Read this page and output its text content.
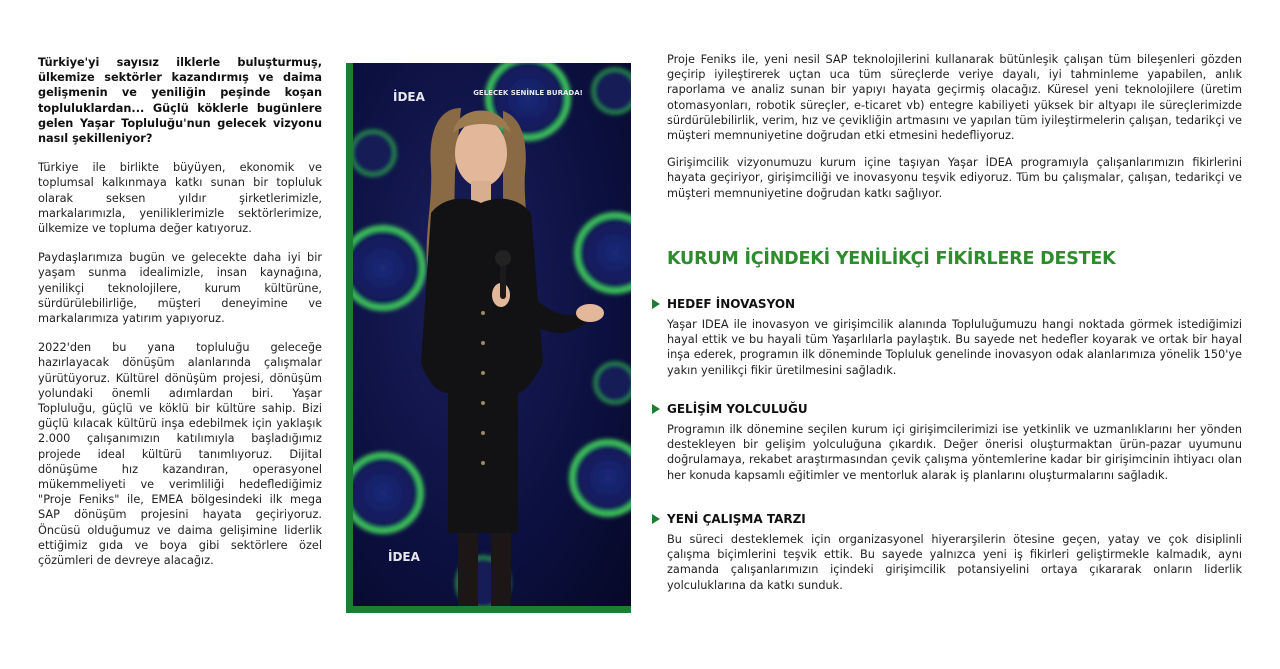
Türkiye'yi sayısız ilklerle buluşturmuş, ülkemize sektörler kazandırmış ve daima gelişmenin ve yeniliğin peşinde koşan topluluklardan... Güçlü köklerle bugünlere gelen Yaşar Topluluğu'nun gelecek vizyonu nasıl şekilleniyor?

Türkiye ile birlikte büyüyen, ekonomik ve toplumsal kalkınmaya katkı sunan bir topluluk olarak seksen yıldır şirketlerimizle, markalarımızla, yeniliklerimizle sektörlerimize, ülkemize ve topluma değer katıyoruz.

Paydaşlarımıza bugün ve gelecekte daha iyi bir yaşam sunma idealimizle, insan kaynağına, yenilikçi teknolojilere, kurum kültürüne, sürdürülebilirliğe, müşteri deneyimine ve markalarımıza yatırım yapıyoruz.

2022'den bu yana topluluğu geleceğe hazırlayacak dönüşüm alanlarında çalışmalar yürütüyoruz. Kültürel dönüşüm projesi, dönüşüm yolundaki önemli adımlardan biri. Yaşar Topluluğu, güçlü ve köklü bir kültüre sahip. Bizi güçlü kılacak kültürü inşa edebilmek için yaklaşık 2.000 çalışanımızın katılımıyla başladığımız projede ideal kültürü tanımlıyoruz. Dijital dönüşüme hız kazandıran, operasyonel mükemmeliyeti ve verimliliği hedeflediğimiz "Proje Feniks" ile, EMEA bölgesindeki ilk mega SAP dönüşüm projesini hayata geçiriyoruz. Öncüsü olduğumuz ve daima gelişimine liderlik ettiğimiz gıda ve boya gibi sektörlere özel çözümleri de devreye alacağız.

GELECEK SENİNLE BURADA!
İDEA
İDEA

Proje Feniks ile, yeni nesil SAP teknolojilerini kullanarak bütünleşik çalışan tüm bileşenleri gözden geçirip iyileştirerek uçtan uca tüm süreçlerde veriye dayalı, iyi tahminleme yapabilen, anlık raporlama ve analiz sunan bir yapıyı hayata geçirmiş olacağız. Küresel yeni teknolojilere (üretim otomasyonları, robotik süreçler, e-ticaret vb) entegre kabiliyeti yüksek bir altyapı ile süreçlerimizde sürdürülebilirlik, verim, hız ve çevikliğin artmasını ve yapılan tüm iyileştirmelerin çalışan, tedarikçi ve müşteri memnuniyetine doğrudan etki etmesini hedefliyoruz.

Girişimcilik vizyonumuzu kurum içine taşıyan Yaşar İDEA programıyla çalışanlarımızın fikirlerini hayata geçiriyor, girişimciliği ve inovasyonu teşvik ediyoruz. Tüm bu çalışmalar, çalışan, tedarikçi ve müşteri memnuniyetine doğrudan katkı sağlıyor.

KURUM İÇİNDEKİ YENİLİKÇİ FİKİRLERE DESTEK
HEDEF İNOVASYON
Yaşar IDEA ile inovasyon ve girişimcilik alanında Topluluğumuzu hangi noktada görmek istediğimizi hayal ettik ve bu hayali tüm Yaşarlılarla paylaştık. Bu sayede net hedefler koyarak ve ortak bir hayal inşa ederek, programın ilk döneminde Topluluk genelinde inovasyon odak alanlarımıza yönelik 150'ye yakın yenilikçi fikir üretilmesini sağladık.
GELİŞİM YOLCULUĞU
Programın ilk dönemine seçilen kurum içi girişimcilerimizi ise yetkinlik ve uzmanlıklarını her yönden destekleyen bir gelişim yolculuğuna çıkardık. Değer önerisi oluşturmaktan ürün-pazar uyumunu doğrulamaya, rekabet araştırmasından çevik çalışma yöntemlerine kadar bir girişimcinin ihtiyacı olan her konuda kapsamlı eğitimler ve mentorluk alarak iş planlarını oluşturmalarını sağladık.
YENİ ÇALIŞMA TARZI
Bu süreci desteklemek için organizasyonel hiyerarşilerin ötesine geçen, yatay ve çok disiplinli çalışma biçimlerini teşvik ettik. Bu sayede yalnızca yeni iş fikirleri geliştirmekle kalmadık, aynı zamanda çalışanlarımızın içindeki girişimcilik potansiyelini ortaya çıkararak onların liderlik yolculuklarına da katkı sunduk.
